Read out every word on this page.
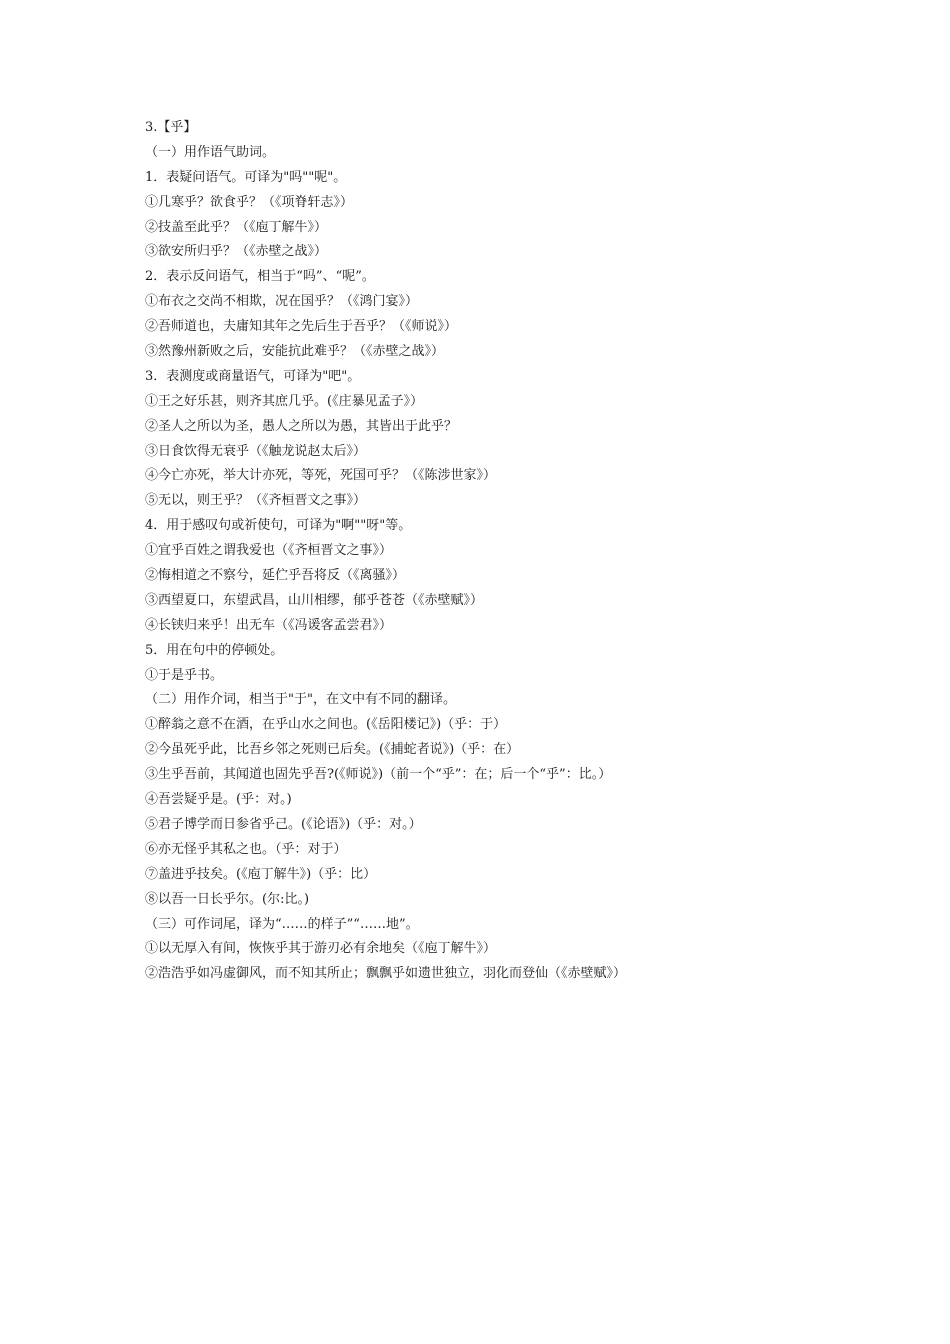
3.【乎】
（一）用作语气助词。
1．表疑问语气。可译为"吗""呢"。
①几寒乎？欲食乎？（《项脊轩志》）
②技盖至此乎？（《庖丁解牛》）
③欲安所归乎？（《赤壁之战》）
2．表示反问语气，相当于“吗”、“呢”。
①布衣之交尚不相欺，况在国乎？（《鸿门宴》）
②吾师道也，夫庸知其年之先后生于吾乎？（《师说》）
③然豫州新败之后，安能抗此难乎？（《赤壁之战》）
3．表测度或商量语气，可译为"吧"。
①王之好乐甚，则齐其庶几乎。(《庄暴见孟子》）
②圣人之所以为圣，愚人之所以为愚，其皆出于此乎？
③日食饮得无衰乎（《触龙说赵太后》）
④今亡亦死，举大计亦死，等死，死国可乎？（《陈涉世家》）
⑤无以，则王乎？（《齐桓晋文之事》）
4．用于感叹句或祈使句，可译为"啊""呀"等。
①宜乎百姓之谓我爱也（《齐桓晋文之事》）
②悔相道之不察兮，延伫乎吾将反（《离骚》）
③西望夏口，东望武昌，山川相缪，郁乎苍苍（《赤壁赋》）
④长铗归来乎！出无车（《冯谖客孟尝君》）
5．用在句中的停顿处。
①于是乎书。
（二）用作介词，相当于"于"，在文中有不同的翻译。
①醉翁之意不在酒，在乎山水之间也。(《岳阳楼记》)（乎：于）
②今虽死乎此，比吾乡邻之死则已后矣。(《捕蛇者说》)（乎：在）
③生乎吾前，其闻道也固先乎吾?(《师说》)（前一个“乎”：在；后一个“乎”：比。）
④吾尝疑乎是。(乎：对。)
⑤君子博学而日参省乎己。(《论语》)（乎：对。）
⑥亦无怪乎其私之也。（乎：对于）
⑦盖进乎技矣。(《庖丁解牛》)（乎：比）
⑧以吾一日长乎尔。(尔:比。)
（三）可作词尾，译为“……的样子”“……地”。
①以无厚入有间，恢恢乎其于游刃必有余地矣（《庖丁解牛》）
②浩浩乎如冯虚御风，而不知其所止；飘飘乎如遗世独立，羽化而登仙（《赤壁赋》）
